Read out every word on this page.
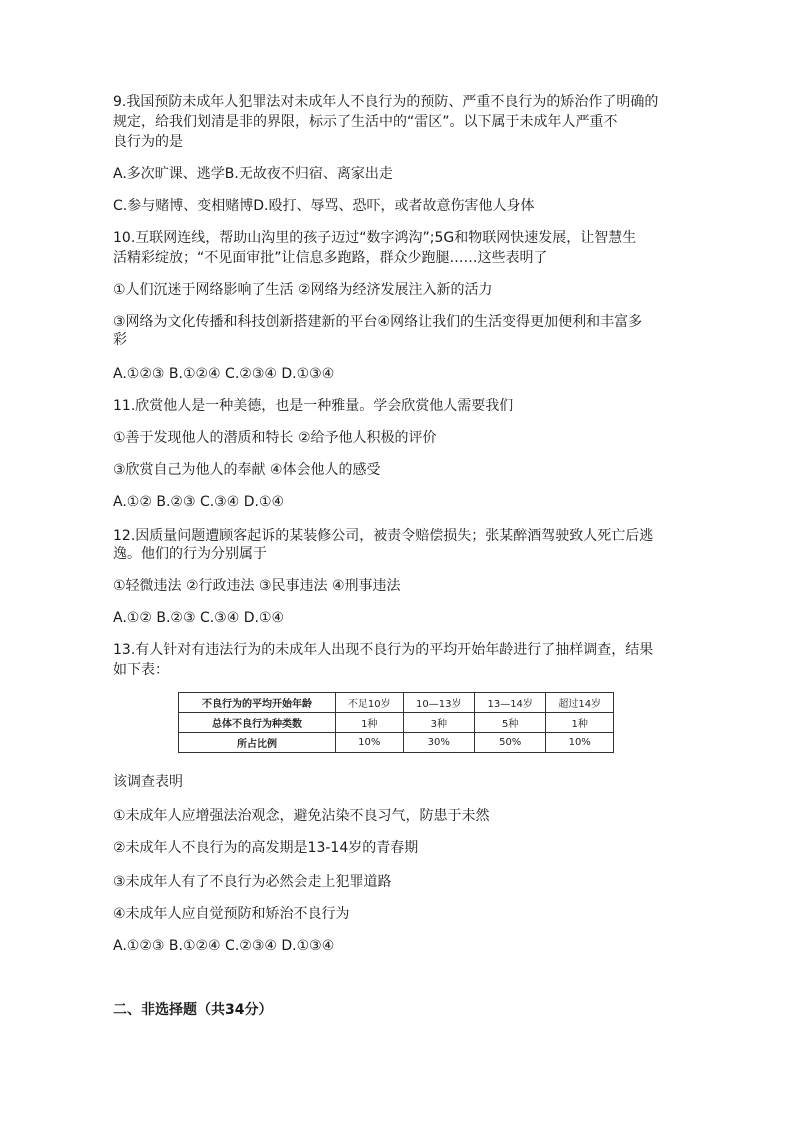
9.我国预防未成年人犯罪法对未成年人不良行为的预防、严重不良行为的矫治作了明确的
规定，给我们划清是非的界限，标示了生活中的“雷区”。以下属于未成年人严重不
良行为的是
A.多次旷课、逃学B.无故夜不归宿、离家出走
C.参与赌博、变相赌博D.殴打、辱骂、恐吓，或者故意伤害他人身体
10.互联网连线，帮助山沟里的孩子迈过“数字鸿沟”;5G和物联网快速发展，让智慧生
活精彩绽放；“不见面审批”让信息多跑路，群众少跑腿……这些表明了
①人们沉迷于网络影响了生活 ②网络为经济发展注入新的活力
③网络为文化传播和科技创新搭建新的平台④网络让我们的生活变得更加便利和丰富多
彩
A.①②③ B.①②④ C.②③④ D.①③④
11.欣赏他人是一种美德，也是一种雅量。学会欣赏他人需要我们
①善于发现他人的潜质和特长 ②给予他人积极的评价
③欣赏自己为他人的奉献 ④体会他人的感受
A.①② B.②③ C.③④ D.①④
12.因质量问题遭顾客起诉的某装修公司，被责令赔偿损失；张某醉酒驾驶致人死亡后逃
逸。他们的行为分别属于
①轻微违法 ②行政违法 ③民事违法 ④刑事违法
A.①② B.②③ C.③④ D.①④
13.有人针对有违法行为的未成年人出现不良行为的平均开始年龄进行了抽样调查，结果
如下表：
不良行为的平均开始年龄	不足10岁	10—13岁	13—14岁	超过14岁
总体不良行为种类数	1种	3种	5种	1种
所占比例	10%	30%	50%	10%
该调查表明
①未成年人应增强法治观念，避免沾染不良习气，防患于未然
②未成年人不良行为的高发期是13-14岁的青春期
③未成年人有了不良行为必然会走上犯罪道路
④未成年人应自觉预防和矫治不良行为
A.①②③ B.①②④ C.②③④ D.①③④
二、非选择题（共34分）
